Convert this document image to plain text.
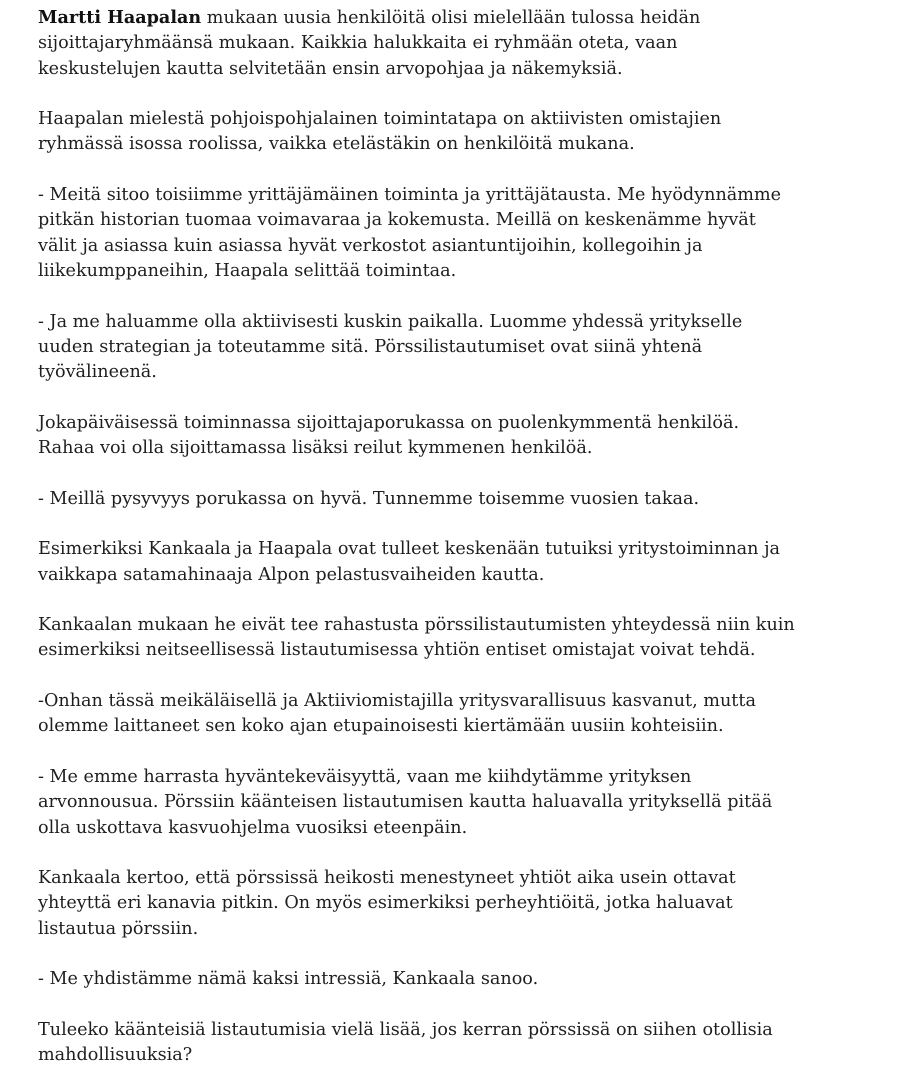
Martti Haapalan mukaan uusia henkilöitä olisi mielellään tulossa heidän sijoittajaryhmäänsä mukaan. Kaikkia halukkaita ei ryhmään oteta, vaan keskustelujen kautta selvitetään ensin arvopohjaa ja näkemyksiä.

Haapalan mielestä pohjoispohjalainen toimintatapa on aktiivisten omistajien ryhmässä isossa roolissa, vaikka etelästäkin on henkilöitä mukana.

- Meitä sitoo toisiimme yrittäjämäinen toiminta ja yrittäjätausta. Me hyödynnämme pitkän historian tuomaa voimavaraa ja kokemusta. Meillä on keskenämme hyvät välit ja asiassa kuin asiassa hyvät verkostot asiantuntijoihin, kollegoihin ja liikekumppaneihin, Haapala selittää toimintaa.

- Ja me haluamme olla aktiivisesti kuskin paikalla. Luomme yhdessä yritykselle uuden strategian ja toteutamme sitä. Pörssilistautumiset ovat siinä yhtenä työvälineenä.

Jokapäiväisessä toiminnassa sijoittajaporukassa on puolenkymmentä henkilöä. Rahaa voi olla sijoittamassa lisäksi reilut kymmenen henkilöä.

- Meillä pysyvyys porukassa on hyvä. Tunnemme toisemme vuosien takaa.

Esimerkiksi Kankaala ja Haapala ovat tulleet keskenään tutuiksi yritystoiminnan ja vaikkapa satamahinaaja Alpon pelastusvaiheiden kautta.

Kankaalan mukaan he eivät tee rahastusta pörssilistautumisten yhteydessä niin kuin esimerkiksi neitseellisessä listautumisessa yhtiön entiset omistajat voivat tehdä.

-Onhan tässä meikäläisellä ja Aktiiviomistajilla yritysvarallisuus kasvanut, mutta olemme laittaneet sen koko ajan etupainoisesti kiertämään uusiin kohteisiin.

- Me emme harrasta hyväntekeväisyyttä, vaan me kiihdytämme yrityksen arvonnousua. Pörssiin käänteisen listautumisen kautta haluavalla yrityksellä pitää olla uskottava kasvuohjelma vuosiksi eteenpäin.

Kankaala kertoo, että pörssissä heikosti menestyneet yhtiöt aika usein ottavat yhteyttä eri kanavia pitkin. On myös esimerkiksi perheyhtiöitä, jotka haluavat listautua pörssiin.

- Me yhdistämme nämä kaksi intressiä, Kankaala sanoo.

Tuleeko käänteisiä listautumisia vielä lisää, jos kerran pörssissä on siihen otollisia mahdollisuuksia?
